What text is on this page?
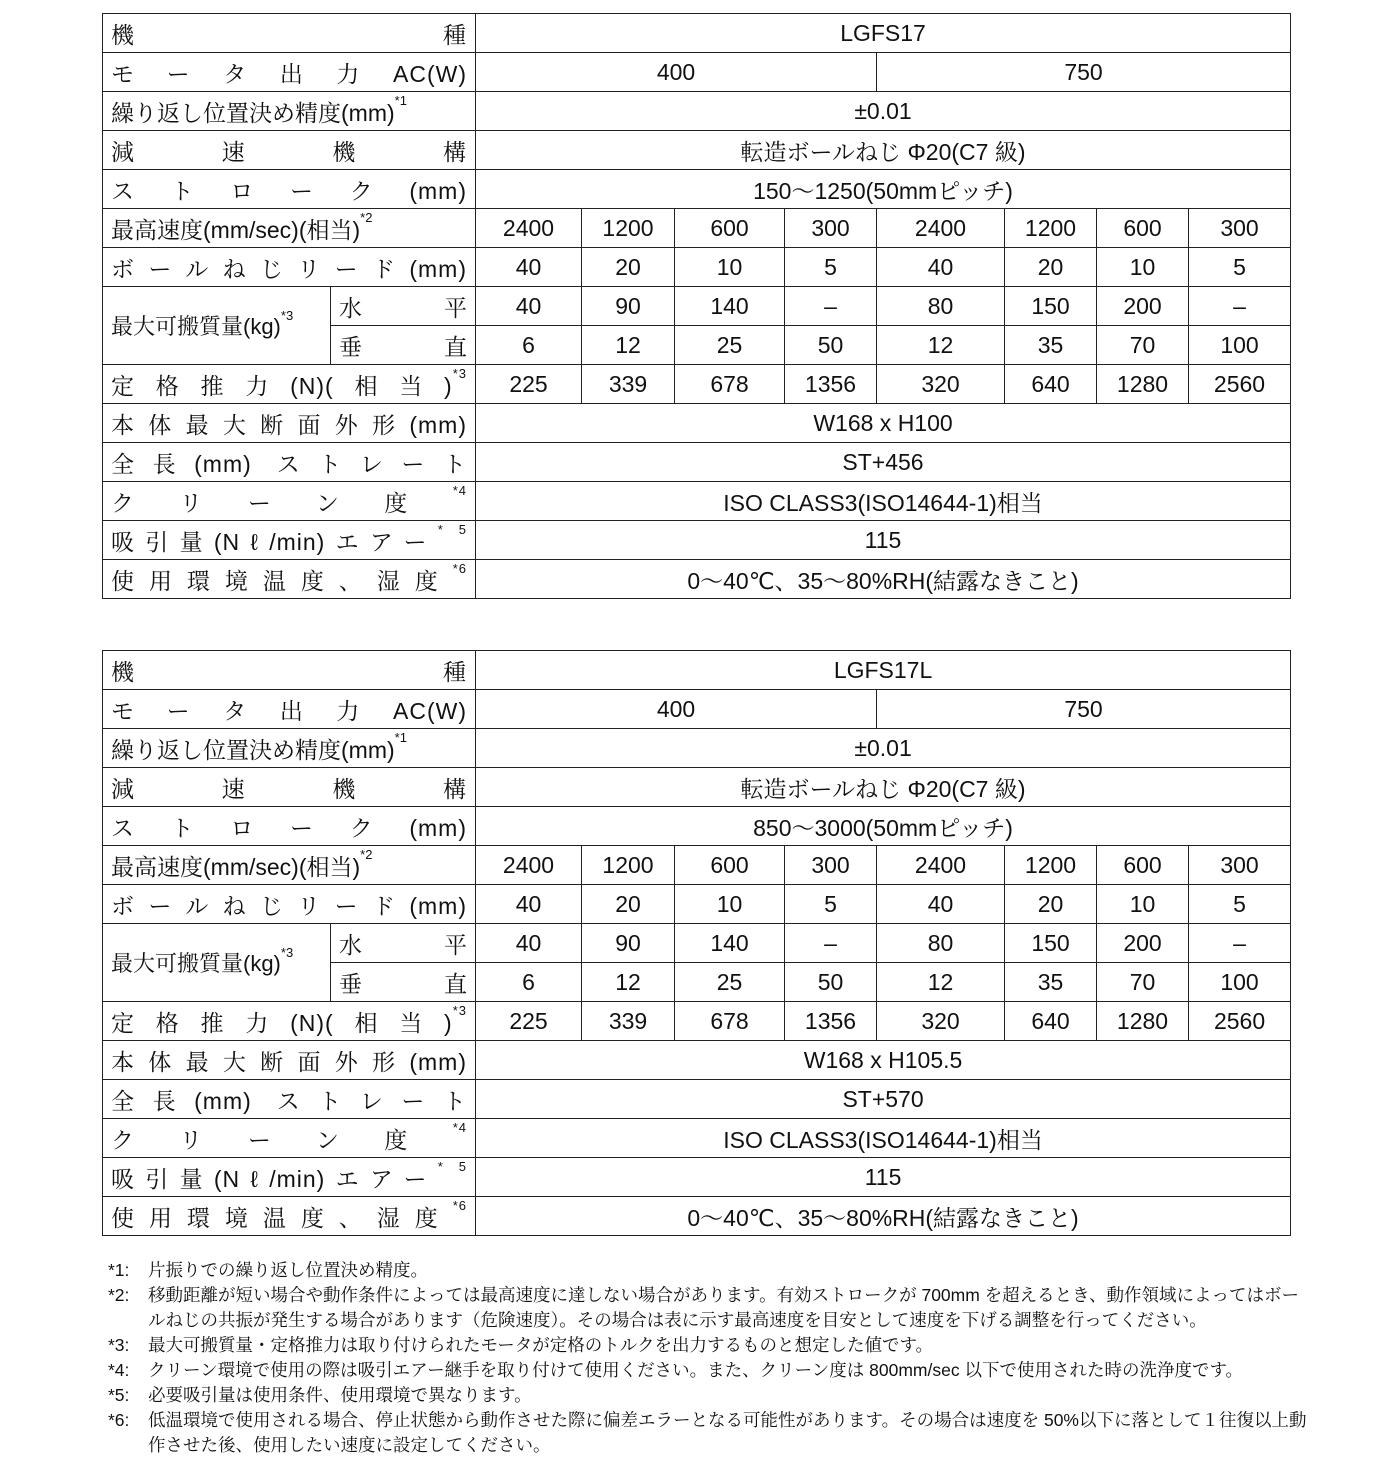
機種		LGFS17							
モータ出力AC(W)		400				750			
繰り返し位置決め精度(mm)$^{*1}$		±0.01							
減速機構		転造ボールねじ Φ20(C7 級)							
ストローク(mm)		150〜1250(50mmピッチ)							
最高速度(mm/sec)(相当)$^{*2}$		2400	1200	600	300	2400	1200	600	300
ボールねじリード(mm)		40	20	10	5	40	20	10	5
最大可搬質量(kg)$^{*3}$	水平	40	90	140	–	80	150	200	–
	垂直	6	12	25	50	12	35	70	100
定格推力(N)(相当)$^{*3}$		225	339	678	1356	320	640	1280	2560
本体最大断面外形(mm)		W168 x H100							
全長(mm) ストレート		ST+456							
クリーン度$^{*4}$		ISO CLASS3(ISO14644-1)相当							
吸引量(Nℓ/min)エアー$^{* 5}$		115							
使用環境温度、湿度$^{*6}$		0〜40℃、35〜80%RH(結露なきこと)							
機種		LGFS17L							
モータ出力AC(W)		400				750			
繰り返し位置決め精度(mm)$^{*1}$		±0.01							
減速機構		転造ボールねじ Φ20(C7 級)							
ストローク(mm)		850〜3000(50mmピッチ)							
最高速度(mm/sec)(相当)$^{*2}$		2400	1200	600	300	2400	1200	600	300
ボールねじリード(mm)		40	20	10	5	40	20	10	5
最大可搬質量(kg)$^{*3}$	水平	40	90	140	–	80	150	200	–
	垂直	6	12	25	50	12	35	70	100
定格推力(N)(相当)$^{*3}$		225	339	678	1356	320	640	1280	2560
本体最大断面外形(mm)		W168 x H105.5							
全長(mm) ストレート		ST+570							
クリーン度$^{*4}$		ISO CLASS3(ISO14644-1)相当							
吸引量(Nℓ/min)エアー$^{* 5}$		115							
使用環境温度、湿度$^{*6}$		0〜40℃、35〜80%RH(結露なきこと)							
*1:	片振りでの繰り返し位置決め精度。
*2:	移動距離が短い場合や動作条件によっては最高速度に達しない場合があります。有効ストロークが 700mm を超えるとき、動作領域によってはボールねじの共振が発生する場合があります（危険速度）。その場合は表に示す最高速度を目安として速度を下げる調整を行ってください。
*3:	最大可搬質量・定格推力は取り付けられたモータが定格のトルクを出力するものと想定した値です。
*4:	クリーン環境で使用の際は吸引エアー継手を取り付けて使用ください。また、クリーン度は 800mm/sec 以下で使用された時の洗浄度です。
*5:	必要吸引量は使用条件、使用環境で異なります。
*6:	低温環境で使用される場合、停止状態から動作させた際に偏差エラーとなる可能性があります。その場合は速度を 50%以下に落として１往復以上動作させた後、使用したい速度に設定してください。
